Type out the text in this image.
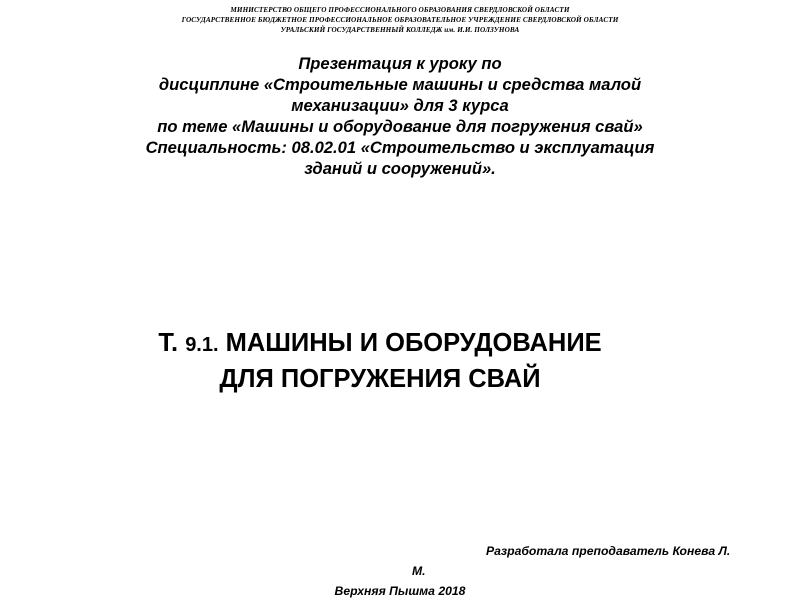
МИНИСТЕРСТВО ОБЩЕГО ПРОФЕССИОНАЛЬНОГО ОБРАЗОВАНИЯ СВЕРДЛОВСКОЙ ОБЛАСТИ
ГОСУДАРСТВЕННОЕ БЮДЖЕТНОЕ ПРОФЕССИОНАЛЬНОЕ ОБРАЗОВАТЕЛЬНОЕ УЧРЕЖДЕНИЕ СВЕРДЛОВСКОЙ ОБЛАСТИ
УРАЛЬСКИЙ ГОСУДАРСТВЕННЫЙ КОЛЛЕДЖ им. И.И. ПОЛЗУНОВА
Презентация к уроку по
дисциплине «Строительные машины и средства малой
механизации» для 3 курса
по теме «Машины и оборудование для погружения свай»
Специальность: 08.02.01 «Строительство и эксплуатация
зданий и сооружений».
Т. 9.1. МАШИНЫ И ОБОРУДОВАНИЕ
ДЛЯ ПОГРУЖЕНИЯ СВАЙ
Разработала преподаватель Конева Л.
М.
Верхняя Пышма 2018
